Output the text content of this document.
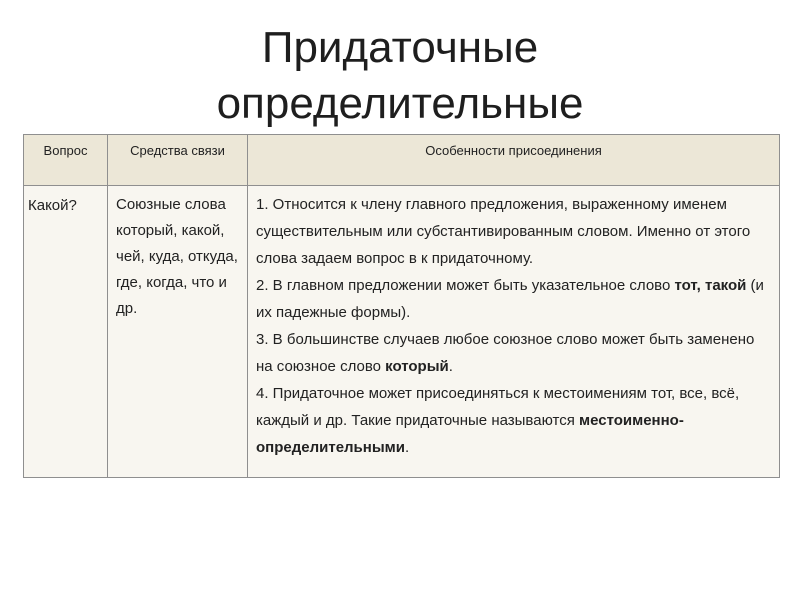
Придаточные
определительные
Вопрос	Средства связи	Особенности присоединения

Какой?	Союзные слова который, какой, чей, куда, откуда, где, когда, что и др.	1. Относится к члену главного предложения, выраженному именем существительным или субстантивированным словом. Именно от этого слова задаем вопрос в к придаточному.
2. В главном предложении может быть указательное слово тот, такой (и их падежные формы).
3. В большинстве случаев любое союзное слово может быть заменено на союзное слово который.
4. Придаточное может присоединяться к местоимениям тот, все, всё, каждый и др. Такие придаточные называются местоименно-определительными.
